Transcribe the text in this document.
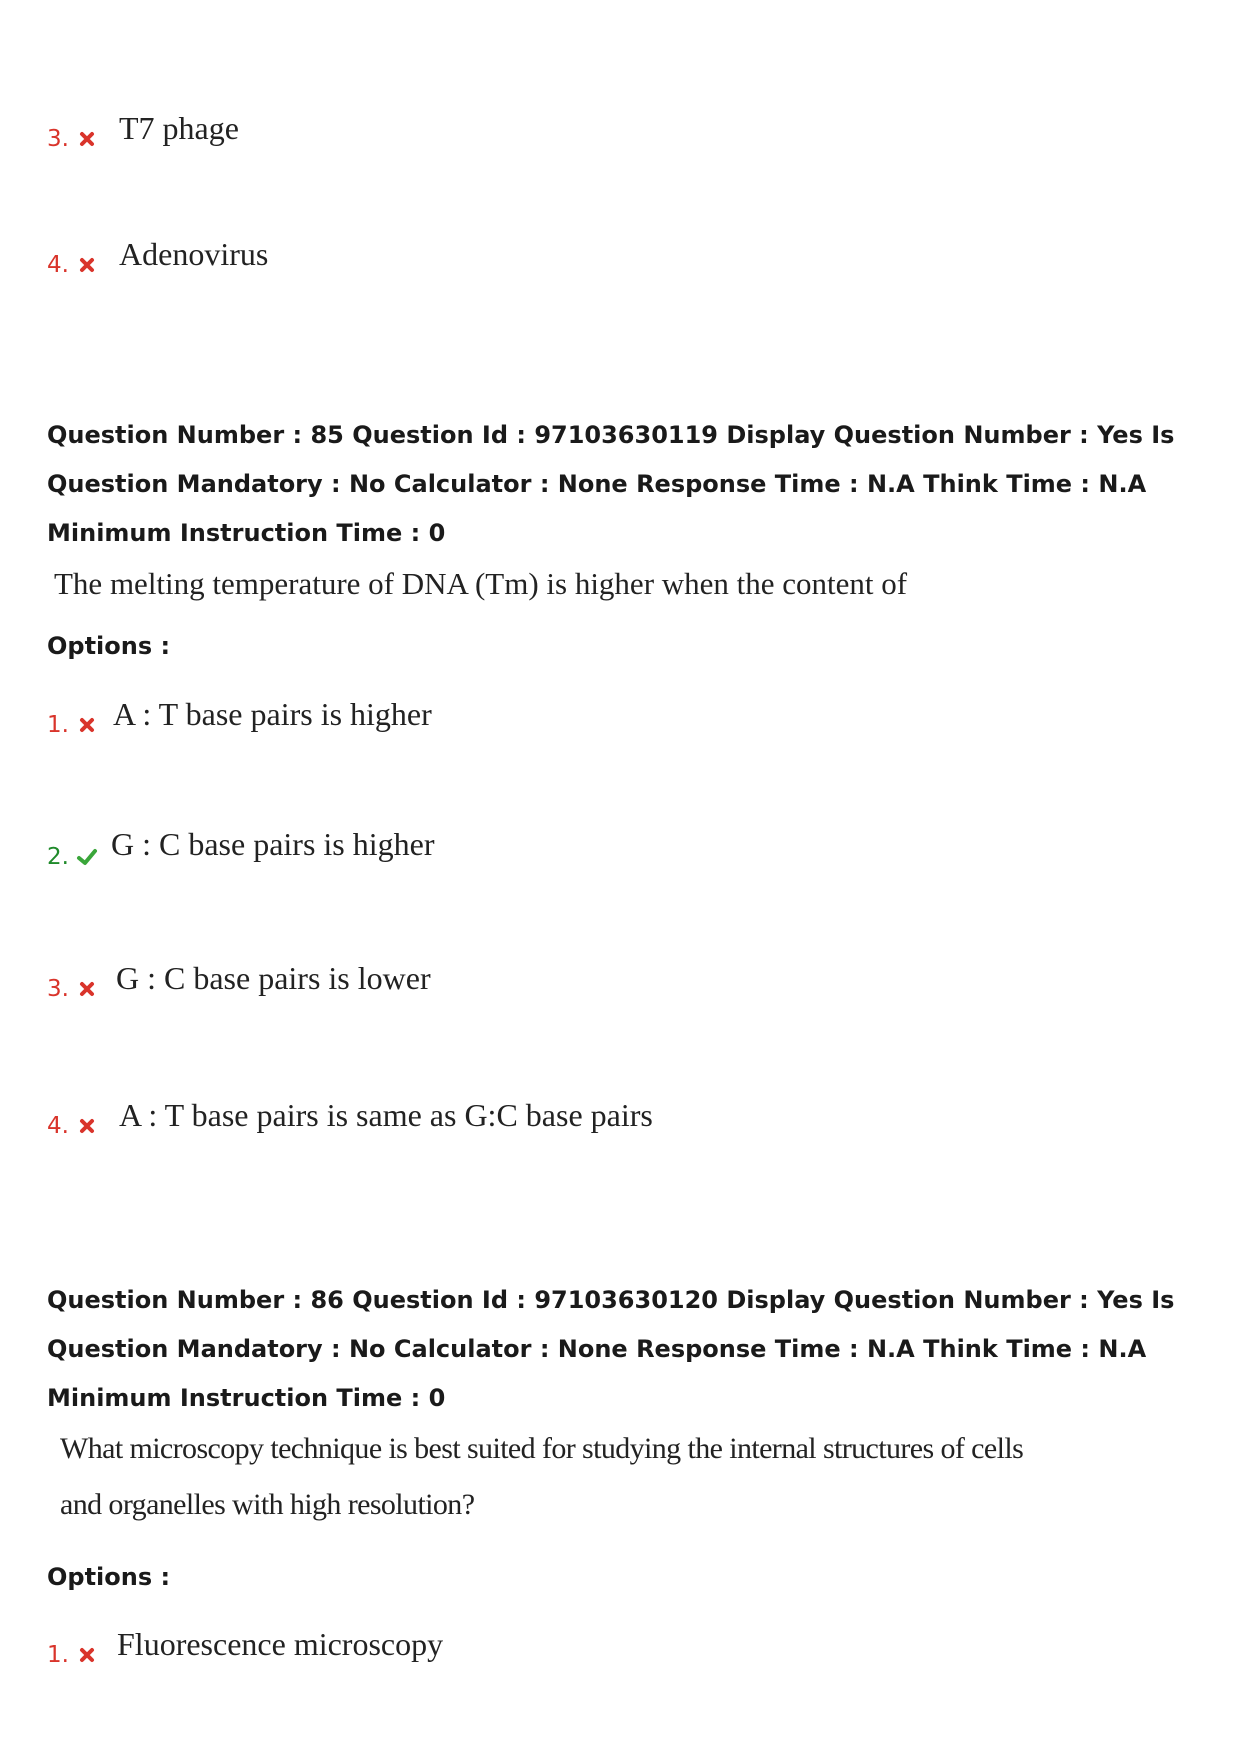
3. T7 phage
4. Adenovirus
Question Number : 85 Question Id : 97103630119 Display Question Number : Yes Is Question Mandatory : No Calculator : None Response Time : N.A Think Time : N.A Minimum Instruction Time : 0
The melting temperature of DNA (Tm) is higher when the content of
Options :
1. A : T base pairs is higher
2. G : C base pairs is higher
3. G : C base pairs is lower
4. A : T base pairs is same as G:C base pairs
Question Number : 86 Question Id : 97103630120 Display Question Number : Yes Is Question Mandatory : No Calculator : None Response Time : N.A Think Time : N.A Minimum Instruction Time : 0
What microscopy technique is best suited for studying the internal structures of cells
and organelles with high resolution?
Options :
1. Fluorescence microscopy
